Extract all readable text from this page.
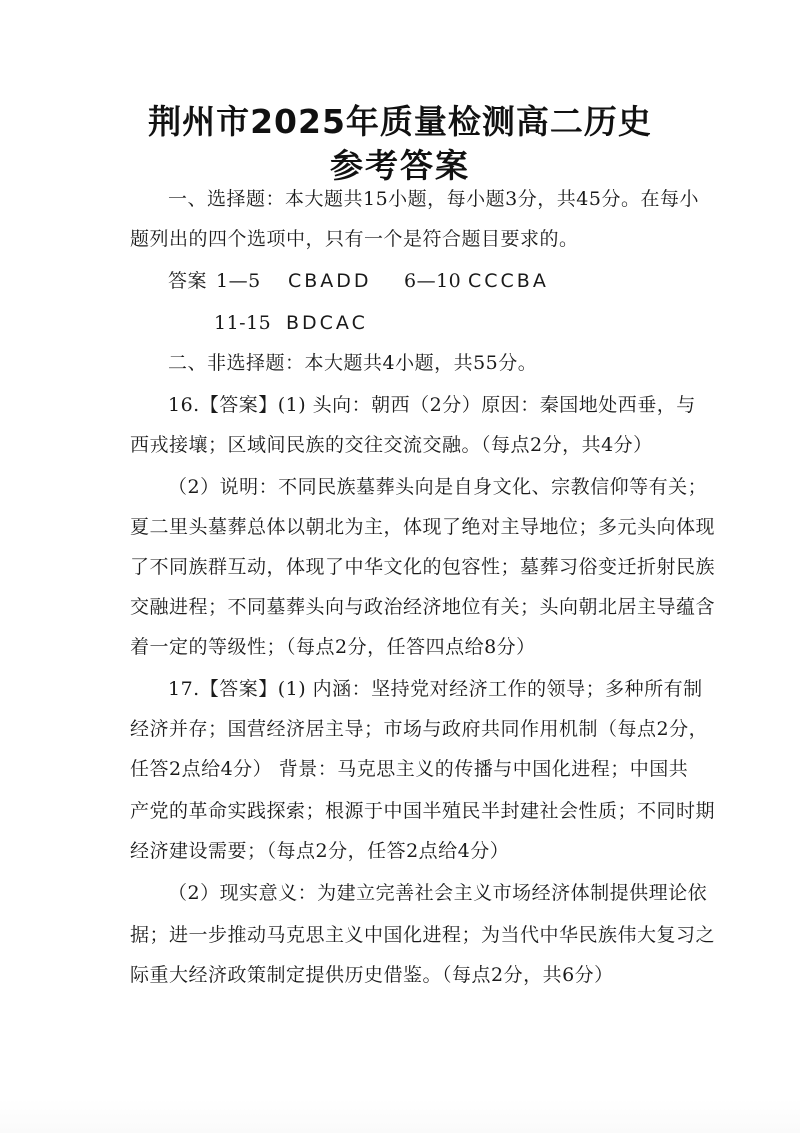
荆州市2025年质量检测高二历史
参考答案
一、选择题：本大题共15小题，每小题3分，共45分。在每小
题列出的四个选项中，只有一个是符合题目要求的。
答案 1—5 CBADD 6—10 CCCBA
11-15 BDCAC
二、非选择题：本大题共4小题，共55分。
16.【答案】(1) 头向：朝西（2分）原因：秦国地处西垂，与
西戎接壤；区域间民族的交往交流交融。（每点2分，共4分）
（2）说明：不同民族墓葬头向是自身文化、宗教信仰等有关；
夏二里头墓葬总体以朝北为主，体现了绝对主导地位；多元头向体现
了不同族群互动，体现了中华文化的包容性；墓葬习俗变迁折射民族
交融进程；不同墓葬头向与政治经济地位有关；头向朝北居主导蕴含
着一定的等级性；（每点2分，任答四点给8分）
17.【答案】(1) 内涵：坚持党对经济工作的领导；多种所有制
经济并存；国营经济居主导；市场与政府共同作用机制（每点2分，
任答2点给4分） 背景：马克思主义的传播与中国化进程；中国共
产党的革命实践探索；根源于中国半殖民半封建社会性质；不同时期
经济建设需要；（每点2分，任答2点给4分）
（2）现实意义：为建立完善社会主义市场经济体制提供理论依
据；进一步推动马克思主义中国化进程；为当代中华民族伟大复习之
际重大经济政策制定提供历史借鉴。（每点2分，共6分）
